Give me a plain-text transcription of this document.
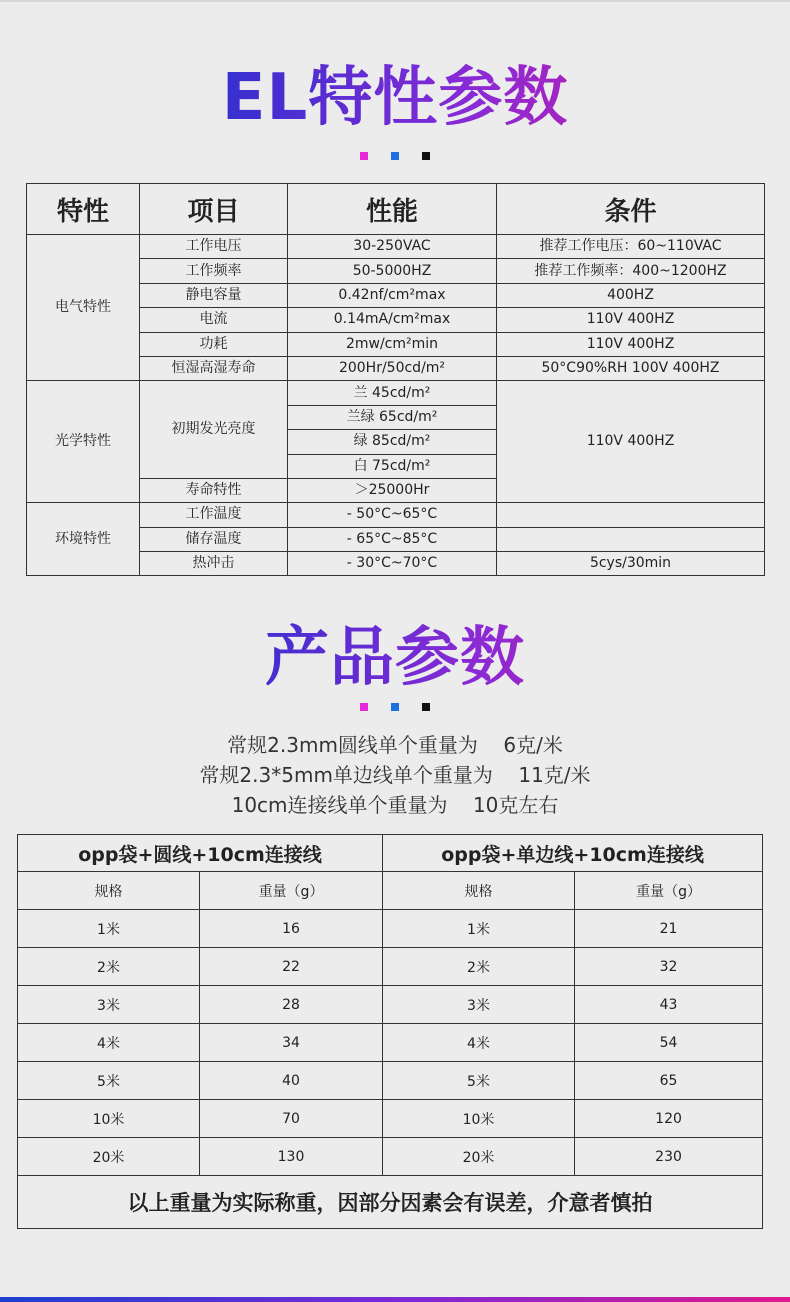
EL特性参数
特性	项目	性能	条件
电气特性	工作电压	30-250VAC	推荐工作电压：60~110VAC
	工作频率	50-5000HZ	推荐工作频率：400~1200HZ
	静电容量	0.42nf/cm²max	400HZ
	电流	0.14mA/cm²max	110V 400HZ
	功耗	2mw/cm²min	110V 400HZ
	恒湿高湿寿命	200Hr/50cd/m²	50°C90%RH 100V 400HZ
光学特性	初期发光亮度	兰 45cd/m²	110V 400HZ
		兰绿 65cd/m²	
		绿 85cd/m²	
		白 75cd/m²	
	寿命特性	＞25000Hr	
环境特性	工作温度	- 50°C~65°C	
	储存温度	- 65°C~85°C	
	热冲击	- 30°C~70°C	5cys/30min
产品参数
常规2.3mm圆线单个重量为    6克/米
常规2.3*5mm单边线单个重量为    11克/米
10cm连接线单个重量为    10克左右
opp袋+圆线+10cm连接线		opp袋+单边线+10cm连接线	
规格	重量（g）	规格	重量（g）
1米	16	1米	21
2米	22	2米	32
3米	28	3米	43
4米	34	4米	54
5米	40	5米	65
10米	70	10米	120
20米	130	20米	230
以上重量为实际称重，因部分因素会有误差，介意者慎拍			
